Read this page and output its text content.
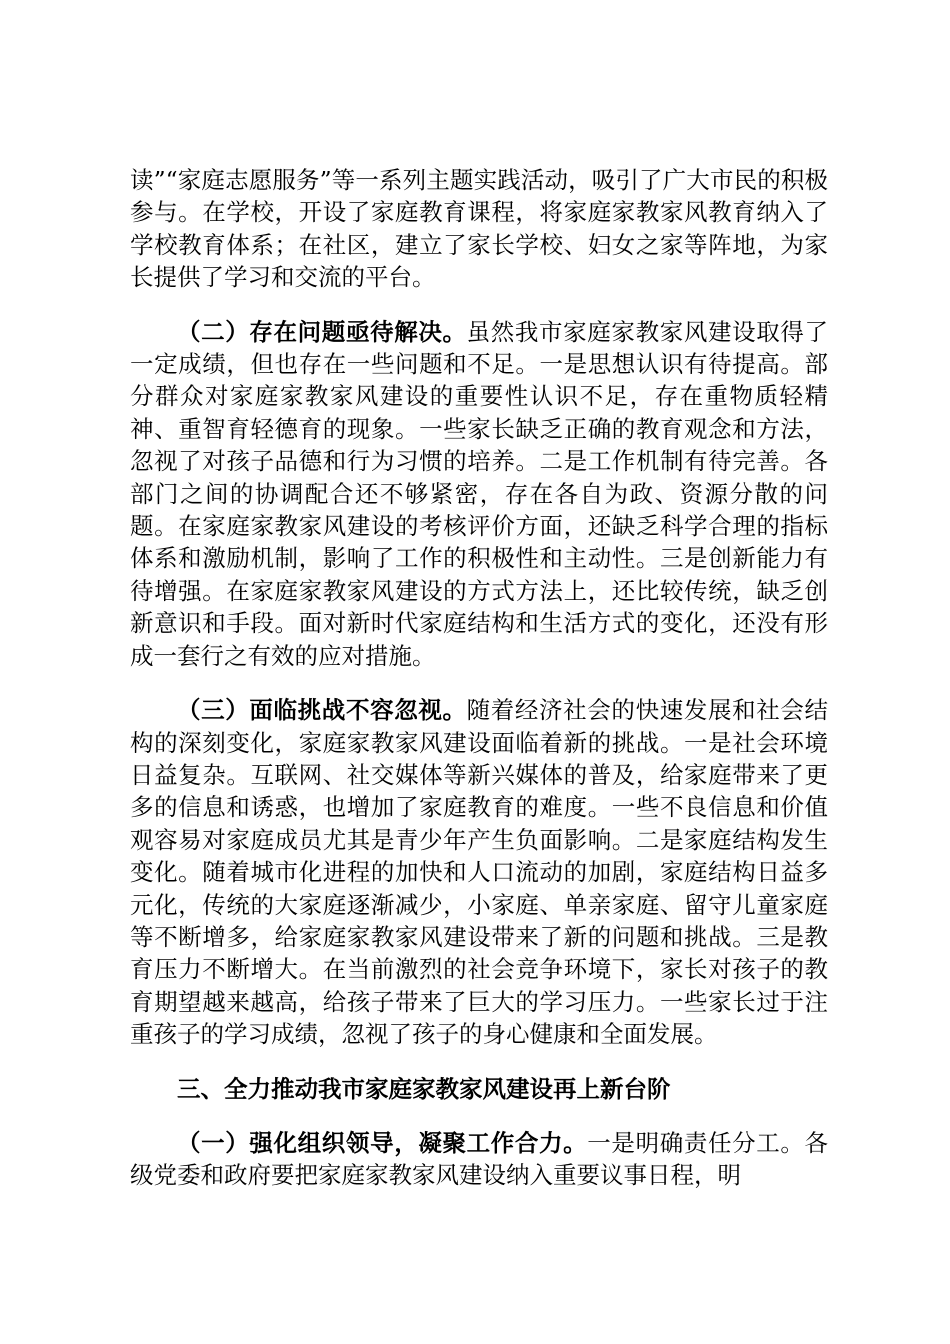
读”“家庭志愿服务”等一系列主题实践活动，吸引了广大市民的积极参与。在学校，开设了家庭教育课程，将家庭家教家风教育纳入了学校教育体系；在社区，建立了家长学校、妇女之家等阵地，为家长提供了学习和交流的平台。

（二）存在问题亟待解决。虽然我市家庭家教家风建设取得了一定成绩，但也存在一些问题和不足。一是思想认识有待提高。部分群众对家庭家教家风建设的重要性认识不足，存在重物质轻精神、重智育轻德育的现象。一些家长缺乏正确的教育观念和方法，忽视了对孩子品德和行为习惯的培养。二是工作机制有待完善。各部门之间的协调配合还不够紧密，存在各自为政、资源分散的问题。在家庭家教家风建设的考核评价方面，还缺乏科学合理的指标体系和激励机制，影响了工作的积极性和主动性。三是创新能力有待增强。在家庭家教家风建设的方式方法上，还比较传统，缺乏创新意识和手段。面对新时代家庭结构和生活方式的变化，还没有形成一套行之有效的应对措施。

（三）面临挑战不容忽视。随着经济社会的快速发展和社会结构的深刻变化，家庭家教家风建设面临着新的挑战。一是社会环境日益复杂。互联网、社交媒体等新兴媒体的普及，给家庭带来了更多的信息和诱惑，也增加了家庭教育的难度。一些不良信息和价值观容易对家庭成员尤其是青少年产生负面影响。二是家庭结构发生变化。随着城市化进程的加快和人口流动的加剧，家庭结构日益多元化，传统的大家庭逐渐减少，小家庭、单亲家庭、留守儿童家庭等不断增多，给家庭家教家风建设带来了新的问题和挑战。三是教育压力不断增大。在当前激烈的社会竞争环境下，家长对孩子的教育期望越来越高，给孩子带来了巨大的学习压力。一些家长过于注重孩子的学习成绩，忽视了孩子的身心健康和全面发展。

三、全力推动我市家庭家教家风建设再上新台阶

（一）强化组织领导，凝聚工作合力。一是明确责任分工。各级党委和政府要把家庭家教家风建设纳入重要议事日程，明
